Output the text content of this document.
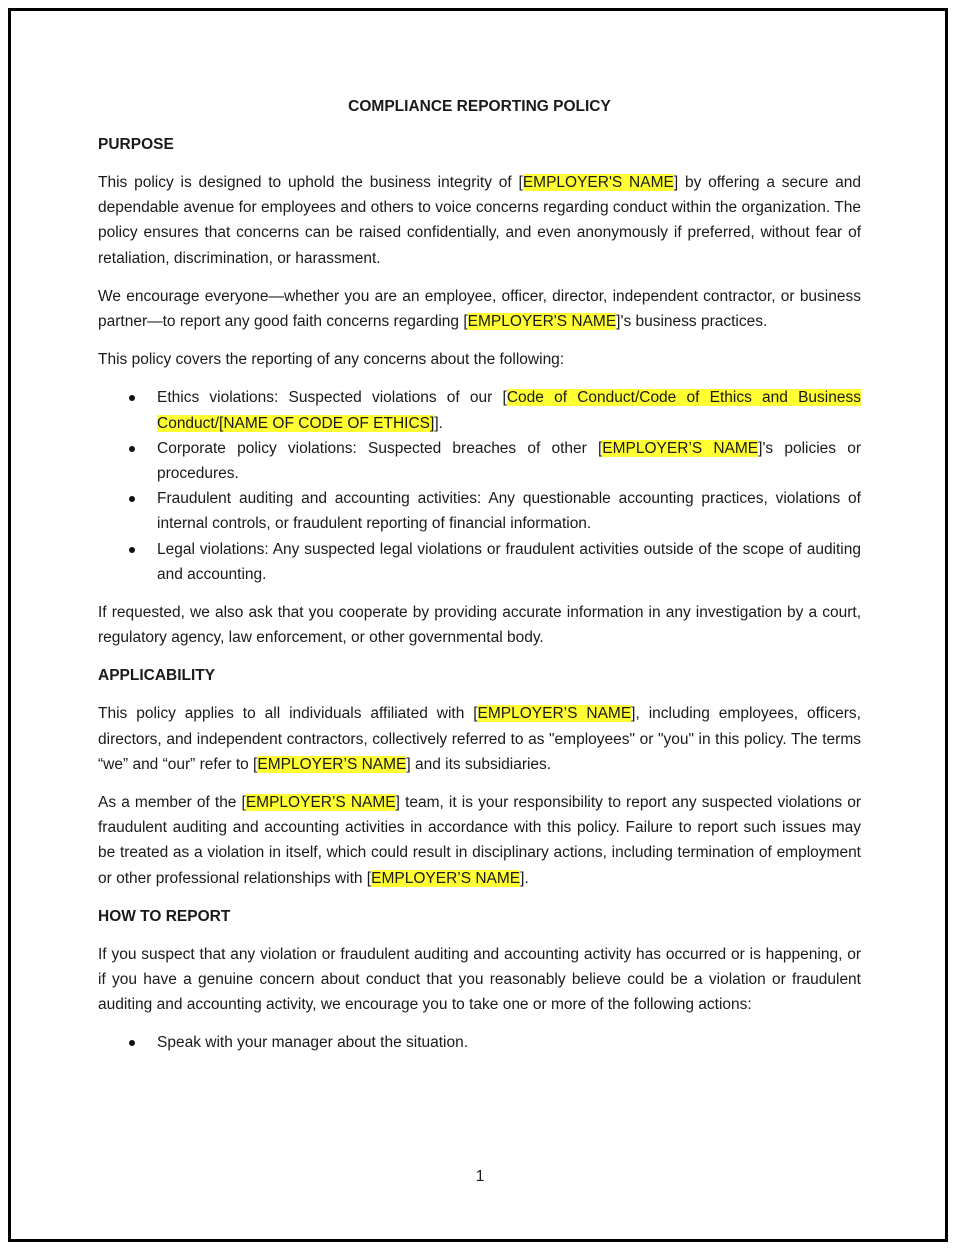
COMPLIANCE REPORTING POLICY
PURPOSE

This policy is designed to uphold the business integrity of [EMPLOYER'S NAME] by offering a secure and dependable avenue for employees and others to voice concerns regarding conduct within the organization. The policy ensures that concerns can be raised confidentially, and even anonymously if preferred, without fear of retaliation, discrimination, or harassment.

We encourage everyone—whether you are an employee, officer, director, independent contractor, or business partner—to report any good faith concerns regarding [EMPLOYER'S NAME]'s business practices.

This policy covers the reporting of any concerns about the following:

Ethics violations: Suspected violations of our [Code of Conduct/Code of Ethics and Business Conduct/[NAME OF CODE OF ETHICS]].
Corporate policy violations: Suspected breaches of other [EMPLOYER’S NAME]'s policies or procedures.
Fraudulent auditing and accounting activities: Any questionable accounting practices, violations of internal controls, or fraudulent reporting of financial information.
Legal violations: Any suspected legal violations or fraudulent activities outside of the scope of auditing and accounting.

If requested, we also ask that you cooperate by providing accurate information in any investigation by a court, regulatory agency, law enforcement, or other governmental body.

APPLICABILITY

This policy applies to all individuals affiliated with [EMPLOYER’S NAME], including employees, officers, directors, and independent contractors, collectively referred to as "employees" or "you" in this policy. The terms “we” and “our” refer to [EMPLOYER’S NAME] and its subsidiaries.

As a member of the [EMPLOYER’S NAME] team, it is your responsibility to report any suspected violations or fraudulent auditing and accounting activities in accordance with this policy. Failure to report such issues may be treated as a violation in itself, which could result in disciplinary actions, including termination of employment or other professional relationships with [EMPLOYER’S NAME].

HOW TO REPORT

If you suspect that any violation or fraudulent auditing and accounting activity has occurred or is happening, or if you have a genuine concern about conduct that you reasonably believe could be a violation or fraudulent auditing and accounting activity, we encourage you to take one or more of the following actions:

Speak with your manager about the situation.
1
